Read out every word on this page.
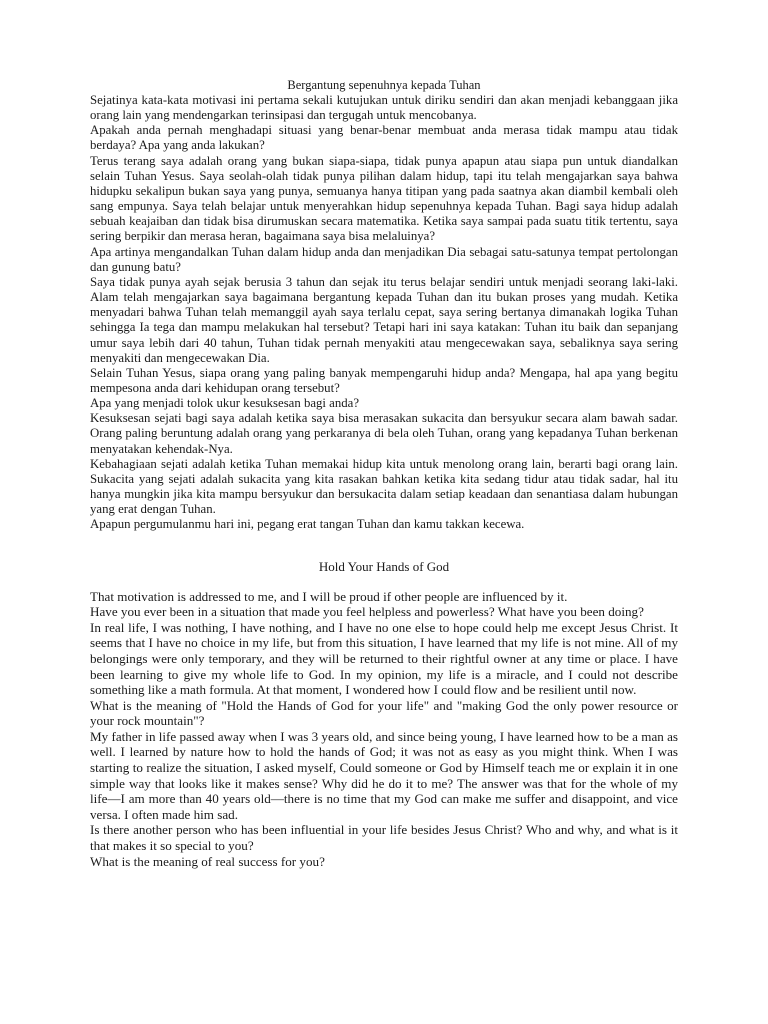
Bergantung sepenuhnya kepada Tuhan

Sejatinya kata-kata motivasi ini pertama sekali kutujukan untuk diriku sendiri dan akan menjadi kebanggaan jika orang lain yang mendengarkan terinsipasi dan tergugah untuk mencobanya.

Apakah anda pernah menghadapi situasi yang benar-benar membuat anda merasa tidak mampu atau tidak berdaya? Apa yang anda lakukan?

Terus terang saya adalah orang yang bukan siapa-siapa, tidak punya apapun atau siapa pun untuk diandalkan selain Tuhan Yesus. Saya seolah-olah tidak punya pilihan dalam hidup, tapi itu telah mengajarkan saya bahwa hidupku sekalipun bukan saya yang punya, semuanya hanya titipan yang pada saatnya akan diambil kembali oleh sang empunya. Saya telah belajar untuk menyerahkan hidup sepenuhnya kepada Tuhan. Bagi saya hidup adalah sebuah keajaiban dan tidak bisa dirumuskan secara matematika. Ketika saya sampai pada suatu titik tertentu, saya sering berpikir dan merasa heran, bagaimana saya bisa melaluinya?

Apa artinya mengandalkan Tuhan dalam hidup anda dan menjadikan Dia sebagai satu-satunya tempat pertolongan dan gunung batu?

Saya tidak punya ayah sejak berusia 3 tahun dan sejak itu terus belajar sendiri untuk menjadi seorang laki-laki. Alam telah mengajarkan saya bagaimana bergantung kepada Tuhan dan itu bukan proses yang mudah. Ketika menyadari bahwa Tuhan telah memanggil ayah saya terlalu cepat, saya sering bertanya dimanakah logika Tuhan sehingga Ia tega dan mampu melakukan hal tersebut? Tetapi hari ini saya katakan: Tuhan itu baik dan sepanjang umur saya lebih dari 40 tahun, Tuhan tidak pernah menyakiti atau mengecewakan saya, sebaliknya saya sering menyakiti dan mengecewakan Dia.

Selain Tuhan Yesus, siapa orang yang paling banyak mempengaruhi hidup anda? Mengapa, hal apa yang begitu mempesona anda dari kehidupan orang tersebut?

Apa yang menjadi tolok ukur kesuksesan bagi anda?

Kesuksesan sejati bagi saya adalah ketika saya bisa merasakan sukacita dan bersyukur secara alam bawah sadar. Orang paling beruntung adalah orang yang perkaranya di bela oleh Tuhan, orang yang kepadanya Tuhan berkenan menyatakan kehendak-Nya.

Kebahagiaan sejati adalah ketika Tuhan memakai hidup kita untuk menolong orang lain, berarti bagi orang lain. Sukacita yang sejati adalah sukacita yang kita rasakan bahkan ketika kita sedang tidur atau tidak sadar, hal itu hanya mungkin jika kita mampu bersyukur dan bersukacita dalam setiap keadaan dan senantiasa dalam hubungan yang erat dengan Tuhan.

Apapun pergumulanmu hari ini, pegang erat tangan Tuhan dan kamu takkan kecewa.

Hold Your Hands of God

That motivation is addressed to me, and I will be proud if other people are influenced by it.

Have you ever been in a situation that made you feel helpless and powerless? What have you been doing?

In real life, I was nothing, I have nothing, and I have no one else to hope could help me except Jesus Christ. It seems that I have no choice in my life, but from this situation, I have learned that my life is not mine. All of my belongings were only temporary, and they will be returned to their rightful owner at any time or place. I have been learning to give my whole life to God. In my opinion, my life is a miracle, and I could not describe something like a math formula. At that moment, I wondered how I could flow and be resilient until now.

What is the meaning of "Hold the Hands of God for your life" and "making God the only power resource or your rock mountain"?

My father in life passed away when I was 3 years old, and since being young, I have learned how to be a man as well. I learned by nature how to hold the hands of God; it was not as easy as you might think. When I was starting to realize the situation, I asked myself, Could someone or God by Himself teach me or explain it in one simple way that looks like it makes sense? Why did he do it to me? The answer was that for the whole of my life—I am more than 40 years old—there is no time that my God can make me suffer and disappoint, and vice versa. I often made him sad.

Is there another person who has been influential in your life besides Jesus Christ? Who and why, and what is it that makes it so special to you?

What is the meaning of real success for you?
